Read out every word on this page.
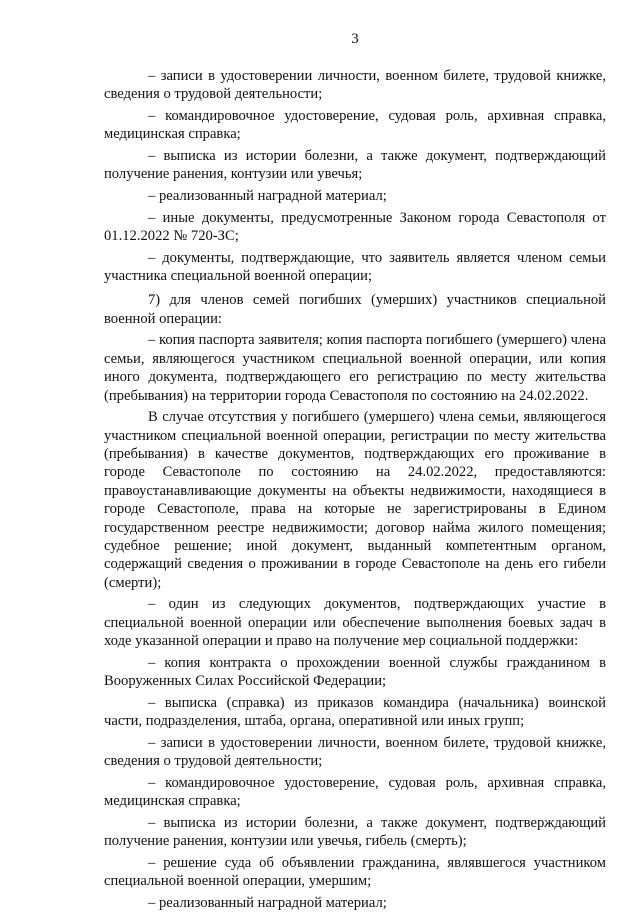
3

– записи в удостоверении личности, военном билете, трудовой книжке, сведения о трудовой деятельности;

– командировочное удостоверение, судовая роль, архивная справка, медицинская справка;

– выписка из истории болезни, а также документ, подтверждающий получение ранения, контузии или увечья;

– реализованный наградной материал;

– иные документы, предусмотренные Законом города Севастополя от 01.12.2022 № 720-ЗС;

– документы, подтверждающие, что заявитель является членом семьи участника специальной военной операции;

7) для членов семей погибших (умерших) участников специальной военной операции:

– копия паспорта заявителя; копия паспорта погибшего (умершего) члена семьи, являющегося участником специальной военной операции, или копия иного документа, подтверждающего его регистрацию по месту жительства (пребывания) на территории города Севастополя по состоянию на 24.02.2022.

В случае отсутствия у погибшего (умершего) члена семьи, являющегося участником специальной военной операции, регистрации по месту жительства (пребывания) в качестве документов, подтверждающих его проживание в городе Севастополе по состоянию на 24.02.2022, предоставляются: правоустанавливающие документы на объекты недвижимости, находящиеся в городе Севастополе, права на которые не зарегистрированы в Едином государственном реестре недвижимости; договор найма жилого помещения; судебное решение; иной документ, выданный компетентным органом, содержащий сведения о проживании в городе Севастополе на день его гибели (смерти);

– один из следующих документов, подтверждающих участие в специальной военной операции или обеспечение выполнения боевых задач в ходе указанной операции и право на получение мер социальной поддержки:

– копия контракта о прохождении военной службы гражданином в Вооруженных Силах Российской Федерации;

– выписка (справка) из приказов командира (начальника) воинской части, подразделения, штаба, органа, оперативной или иных групп;

– записи в удостоверении личности, военном билете, трудовой книжке, сведения о трудовой деятельности;

– командировочное удостоверение, судовая роль, архивная справка, медицинская справка;

– выписка из истории болезни, а также документ, подтверждающий получение ранения, контузии или увечья, гибель (смерть);

– решение суда об объявлении гражданина, являвшегося участником специальной военной операции, умершим;

– реализованный наградной материал;
